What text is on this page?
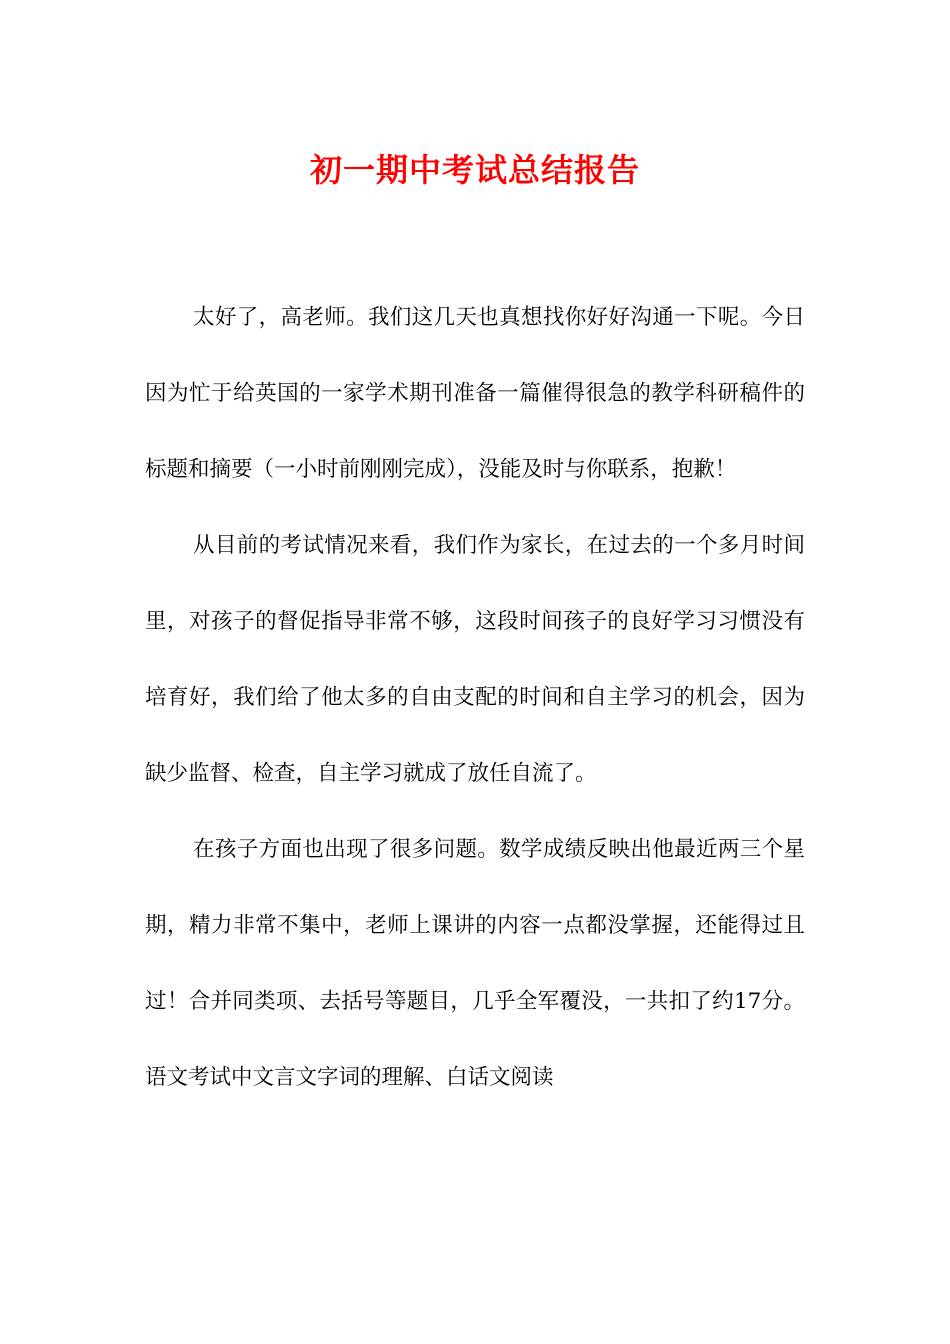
初一期中考试总结报告

太好了，高老师。我们这几天也真想找你好好沟通一下呢。今日因为忙于给英国的一家学术期刊准备一篇催得很急的教学科研稿件的标题和摘要（一小时前刚刚完成），没能及时与你联系，抱歉！

从目前的考试情况来看，我们作为家长，在过去的一个多月时间里，对孩子的督促指导非常不够，这段时间孩子的良好学习习惯没有培育好，我们给了他太多的自由支配的时间和自主学习的机会，因为缺少监督、检查，自主学习就成了放任自流了。

在孩子方面也出现了很多问题。数学成绩反映出他最近两三个星期，精力非常不集中，老师上课讲的内容一点都没掌握，还能得过且过！合并同类项、去括号等题目，几乎全军覆没，一共扣了约17分。语文考试中文言文字词的理解、白话文阅读
